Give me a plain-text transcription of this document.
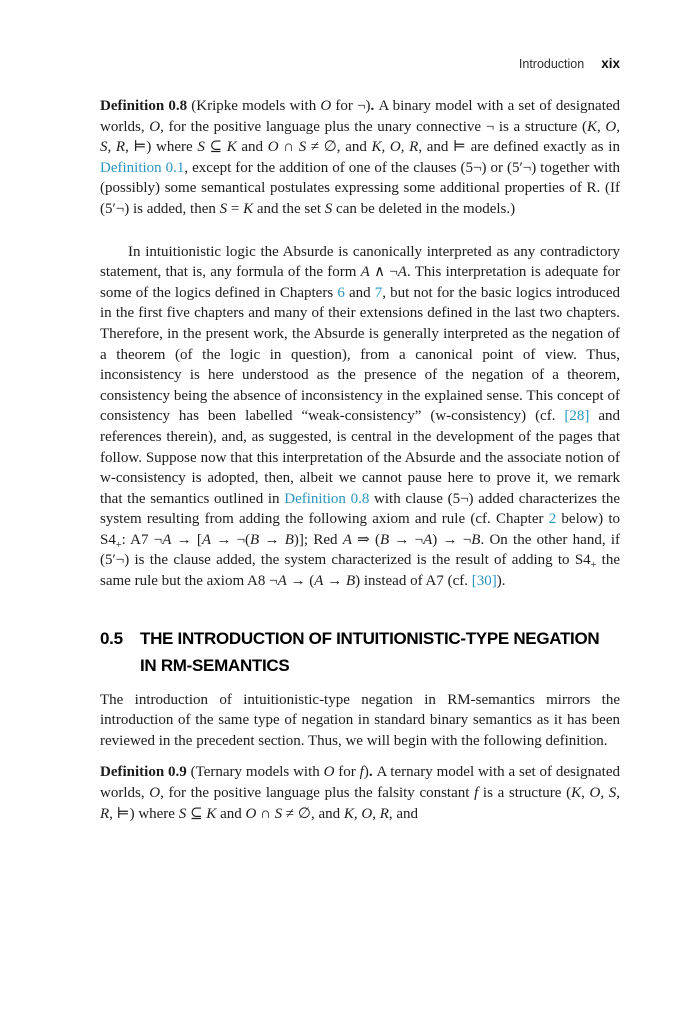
Introduction xix

Definition 0.8 (Kripke models with O for ¬). A binary model with a set of designated worlds, O, for the positive language plus the unary connective ¬ is a structure (K, O, S, R, ⊨) where S ⊆ K and O ∩ S ≠ ∅, and K, O, R, and ⊨ are defined exactly as in Definition 0.1, except for the addition of one of the clauses (5¬) or (5′¬) together with (possibly) some semantical postulates expressing some additional properties of R. (If (5′¬) is added, then S = K and the set S can be deleted in the models.)

In intuitionistic logic the Absurde is canonically interpreted as any contradictory statement, that is, any formula of the form A ∧ ¬A. This interpretation is adequate for some of the logics defined in Chapters 6 and 7, but not for the basic logics introduced in the first five chapters and many of their extensions defined in the last two chapters. Therefore, in the present work, the Absurde is generally interpreted as the negation of a theorem (of the logic in question), from a canonical point of view. Thus, inconsistency is here understood as the presence of the negation of a theorem, consistency being the absence of inconsistency in the explained sense. This concept of consistency has been labelled “weak-consistency” (w-consistency) (cf. [28] and references therein), and, as suggested, is central in the development of the pages that follow. Suppose now that this interpretation of the Absurde and the associate notion of w-consistency is adopted, then, albeit we cannot pause here to prove it, we remark that the semantics outlined in Definition 0.8 with clause (5¬) added characterizes the system resulting from adding the following axiom and rule (cf. Chapter 2 below) to $S4_+$: A7 ¬A → [A → ¬(B → B)]; Red A ⇒ (B → ¬A) → ¬B. On the other hand, if (5′¬) is the clause added, the system characterized is the result of adding to $S4_+$ the same rule but the axiom A8 ¬A → (A → B) instead of A7 (cf. [30]).

0.5	THE INTRODUCTION OF INTUITIONISTIC-TYPE NEGATION
IN RM-SEMANTICS

The introduction of intuitionistic-type negation in RM-semantics mirrors the introduction of the same type of negation in standard binary semantics as it has been reviewed in the precedent section. Thus, we will begin with the following definition.

Definition 0.9 (Ternary models with O for f). A ternary model with a set of designated worlds, O, for the positive language plus the falsity constant f is a structure (K, O, S, R, ⊨) where S ⊆ K and O ∩ S ≠ ∅, and K, O, R, and
